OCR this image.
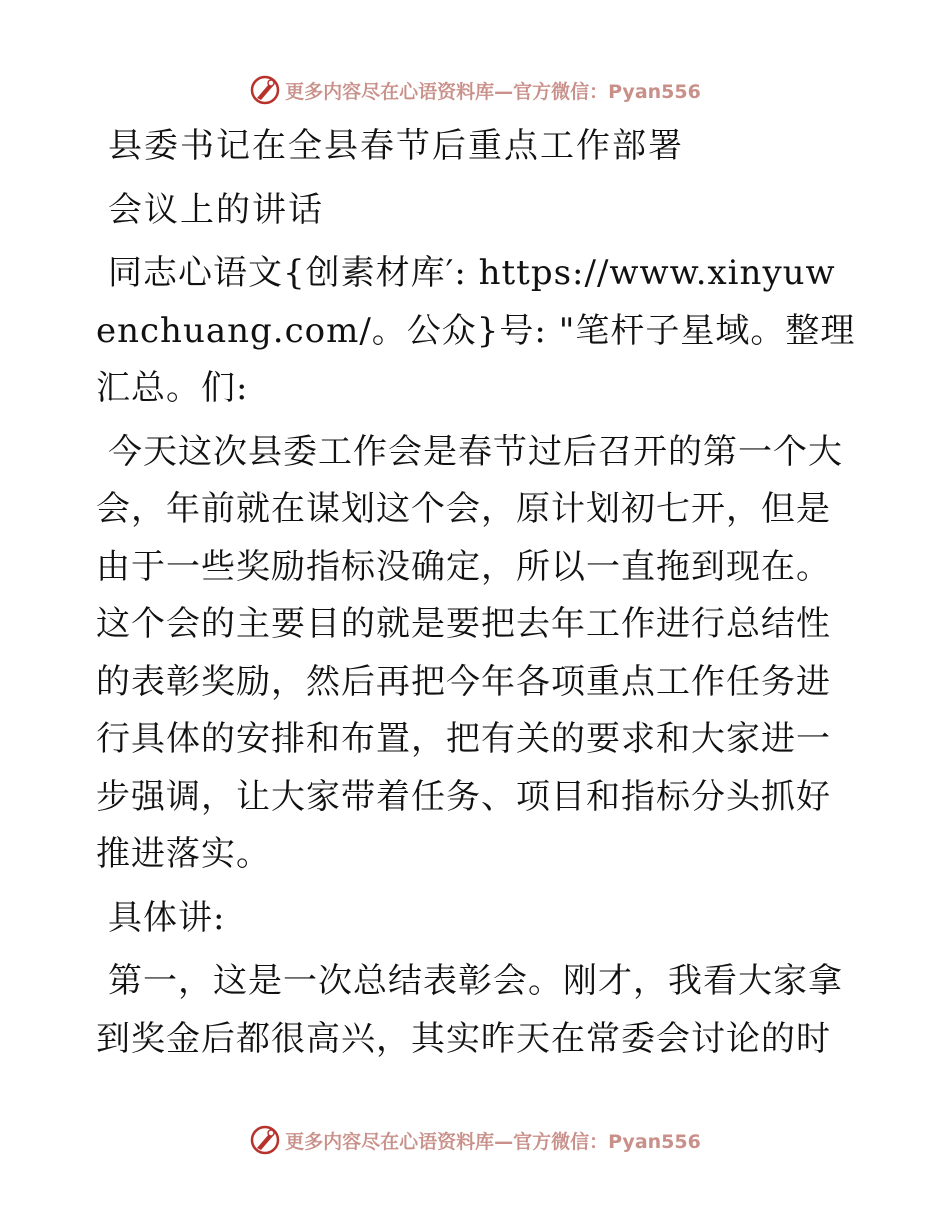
更多内容尽在心语资料库—官方微信：Pyan556
县委书记在全县春节后重点工作部署
会议上的讲话
同志心语文{创素材库′: https://www.xinyuwenchuang.com/。公众}号: "笔杆子星域。整理汇总。们:
今天这次县委工作会是春节过后召开的第一个大会，年前就在谋划这个会，原计划初七开，但是由于一些奖励指标没确定，所以一直拖到现在。这个会的主要目的就是要把去年工作进行总结性的表彰奖励，然后再把今年各项重点工作任务进行具体的安排和布置，把有关的要求和大家进一步强调，让大家带着任务、项目和指标分头抓好推进落实。
具体讲:
第一，这是一次总结表彰会。刚才，我看大家拿到奖金后都很高兴，其实昨天在常委会讨论的时
更多内容尽在心语资料库—官方微信：Pyan556
